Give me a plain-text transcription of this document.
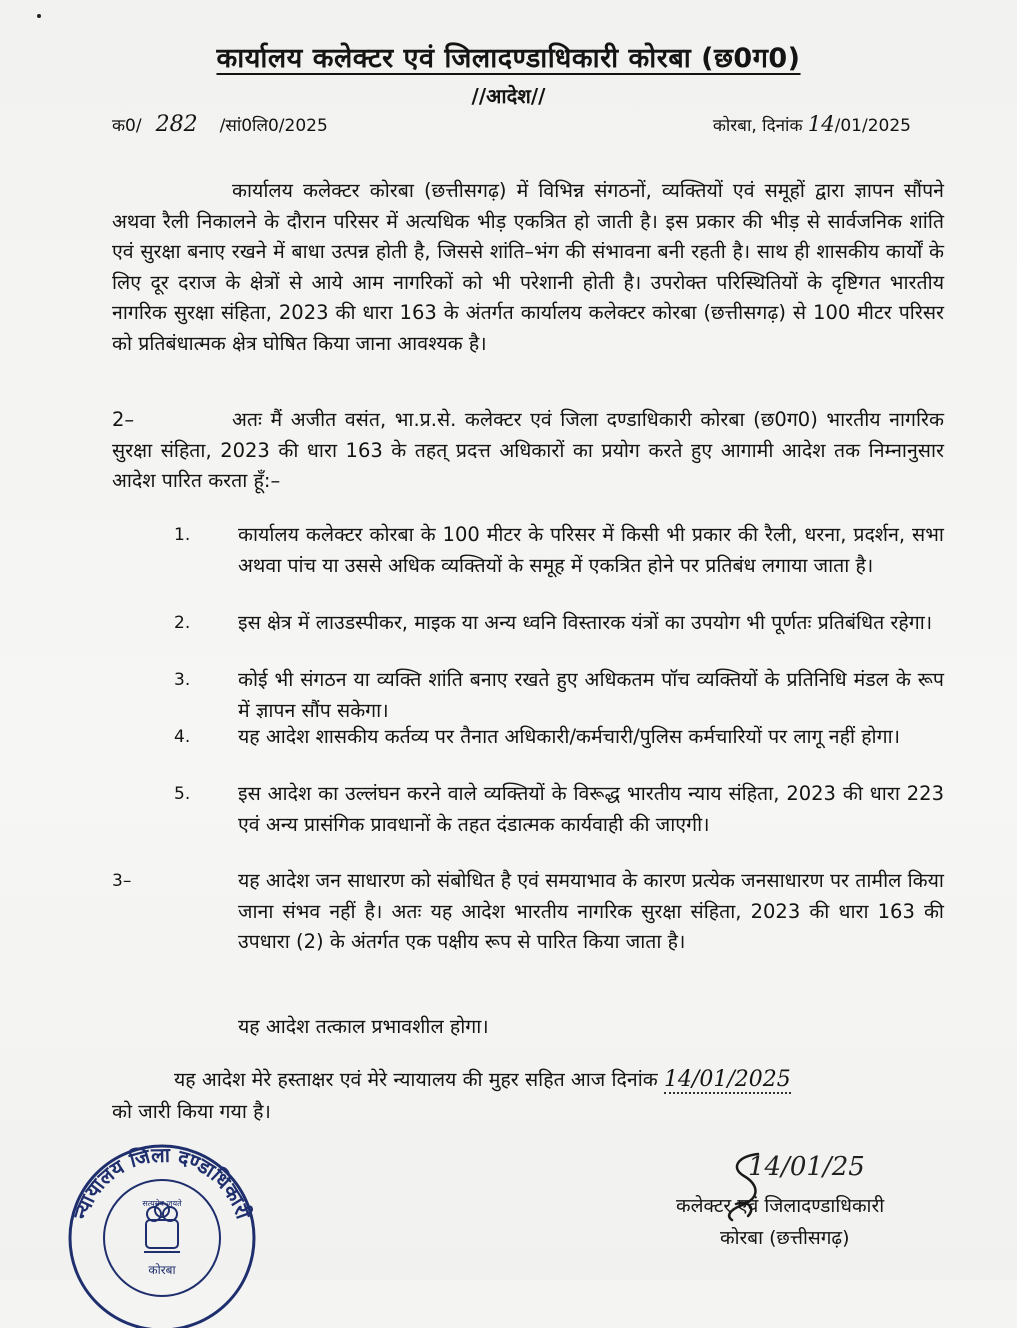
कार्यालय कलेक्टर एवं जिलादण्डाधिकारी कोरबा (छ0ग0)
//आदेश//
क0/ 282 /सां0लि0/2025	कोरबा, दिनांक 14/01/2025

कार्यालय कलेक्टर कोरबा (छत्तीसगढ़) में विभिन्न संगठनों, व्यक्तियों एवं समूहों द्वारा ज्ञापन सौंपने अथवा रैली निकालने के दौरान परिसर में अत्यधिक भीड़ एकत्रित हो जाती है। इस प्रकार की भीड़ से सार्वजनिक शांति एवं सुरक्षा बनाए रखने में बाधा उत्पन्न होती है, जिससे शांति–भंग की संभावना बनी रहती है। साथ ही शासकीय कार्यों के लिए दूर दराज के क्षेत्रों से आये आम नागरिकों को भी परेशानी होती है। उपरोक्त परिस्थितियों के दृष्टिगत भारतीय नागरिक सुरक्षा संहिता, 2023 की धारा 163 के अंतर्गत कार्यालय कलेक्टर कोरबा (छत्तीसगढ़) से 100 मीटर परिसर को प्रतिबंधात्मक क्षेत्र घोषित किया जाना आवश्यक है।

2–	अतः मैं अजीत वसंत, भा.प्र.से. कलेक्टर एवं जिला दण्डाधिकारी कोरबा (छ0ग0) भारतीय नागरिक सुरक्षा संहिता, 2023 की धारा 163 के तहत् प्रदत्त अधिकारों का प्रयोग करते हुए आगामी आदेश तक निम्नानुसार आदेश पारित करता हूँ:–

1. कार्यालय कलेक्टर कोरबा के 100 मीटर के परिसर में किसी भी प्रकार की रैली, धरना, प्रदर्शन, सभा अथवा पांच या उससे अधिक व्यक्तियों के समूह में एकत्रित होने पर प्रतिबंध लगाया जाता है।
2. इस क्षेत्र में लाउडस्पीकर, माइक या अन्य ध्वनि विस्तारक यंत्रों का उपयोग भी पूर्णतः प्रतिबंधित रहेगा।
3. कोई भी संगठन या व्यक्ति शांति बनाए रखते हुए अधिकतम पॉच व्यक्तियों के प्रतिनिधि मंडल के रूप में ज्ञापन सौंप सकेगा।
4. यह आदेश शासकीय कर्तव्य पर तैनात अधिकारी/कर्मचारी/पुलिस कर्मचारियों पर लागू नहीं होगा।
5. इस आदेश का उल्लंघन करने वाले व्यक्तियों के विरूद्ध भारतीय न्याय संहिता, 2023 की धारा 223 एवं अन्य प्रासंगिक प्रावधानों के तहत दंडात्मक कार्यवाही की जाएगी।
3–	यह आदेश जन साधारण को संबोधित है एवं समयाभाव के कारण प्रत्येक जनसाधारण पर तामील किया जाना संभव नहीं है। अतः यह आदेश भारतीय नागरिक सुरक्षा संहिता, 2023 की धारा 163 की उपधारा (2) के अंतर्गत एक पक्षीय रूप से पारित किया जाता है।
यह आदेश तत्काल प्रभावशील होगा।
यह आदेश मेरे हस्ताक्षर एवं मेरे न्यायालय की मुहर सहित आज दिनांक 14/01/2025
को जारी किया गया है।
न्यायालय जिला दण्डाधिकारी
सत्यमेव जयते
कोरबा
14/01/25
कलेक्टर एवं जिलादण्डाधिकारी
कोरबा (छत्तीसगढ़)
